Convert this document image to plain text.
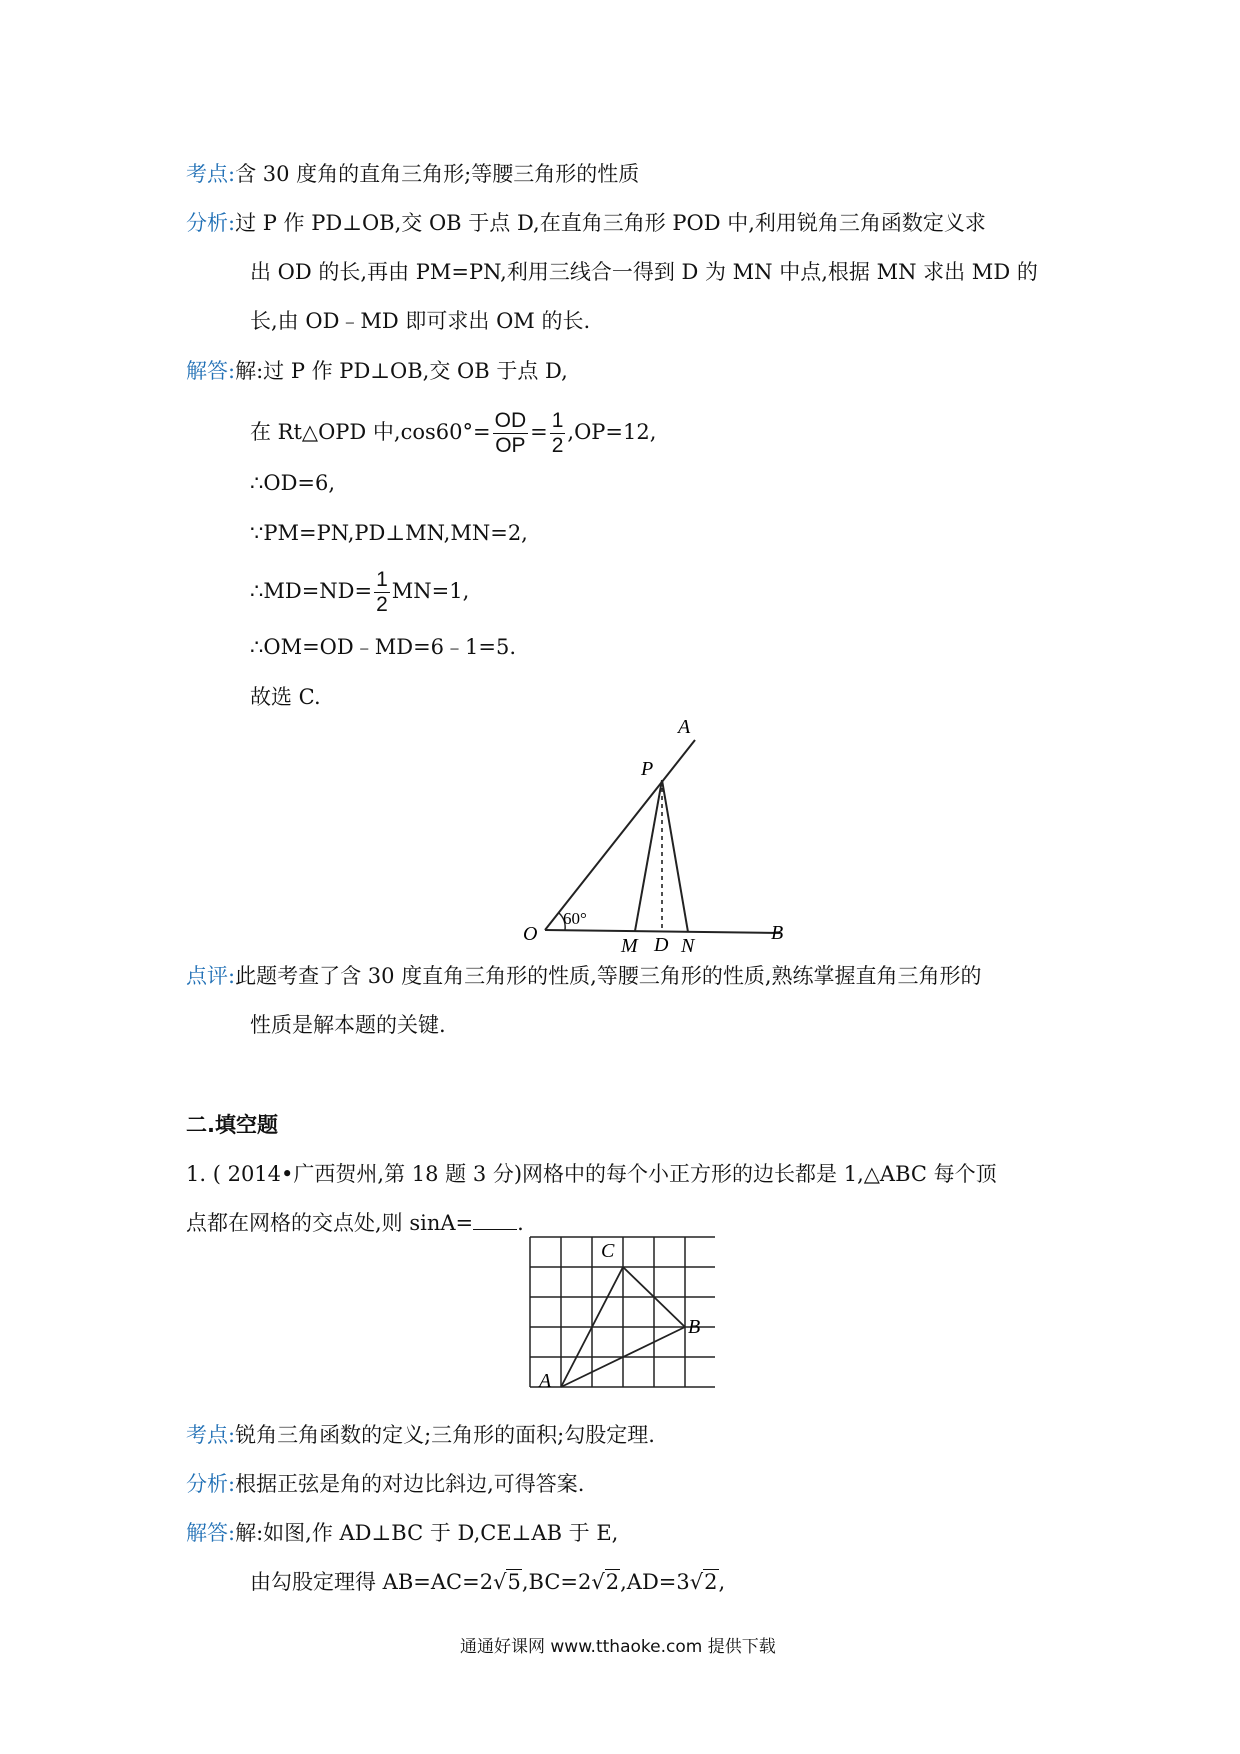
考点:含 30 度角的直角三角形;等腰三角形的性质
分析:过 P 作 PD⊥OB,交 OB 于点 D,在直角三角形 POD 中,利用锐角三角函数定义求
出 OD 的长,再由 PM=PN,利用三线合一得到 D 为 MN 中点,根据 MN 求出 MD 的
长,由 OD﹣MD 即可求出 OM 的长.
解答:解:过 P 作 PD⊥OB,交 OB 于点 D,
在 Rt△OPD 中$,\cos 60^\circ= \frac{OD}{OP} = \frac{1}{2} ,OP=12$,
∴OD=6,
∵PM=PN,PD⊥MN,MN=2,
∴MD=ND= $\frac{1}{2} MN=1$,
∴OM=OD﹣MD=6﹣1=5.
故选 C.
A
P
O
M D N
B
60°
点评:此题考查了含 30 度直角三角形的性质,等腰三角形的性质,熟练掌握直角三角形的
性质是解本题的关键.
二.填空题
1. ( 2014•广西贺州,第 18 题 3 分)网格中的每个小正方形的边长都是 1,△ABC 每个顶
点都在网格的交点处,则 sinA= .
A
B
C
考点:锐角三角函数的定义;三角形的面积;勾股定理.
分析:根据正弦是角的对边比斜边,可得答案.
解答:解:如图,作 AD⊥BC 于 D,CE⊥AB 于 E,
由勾股定理得 AB=AC=2√5,BC=2√2,AD=3√2,
通通好课网 www.tthaoke.com 提供下载
